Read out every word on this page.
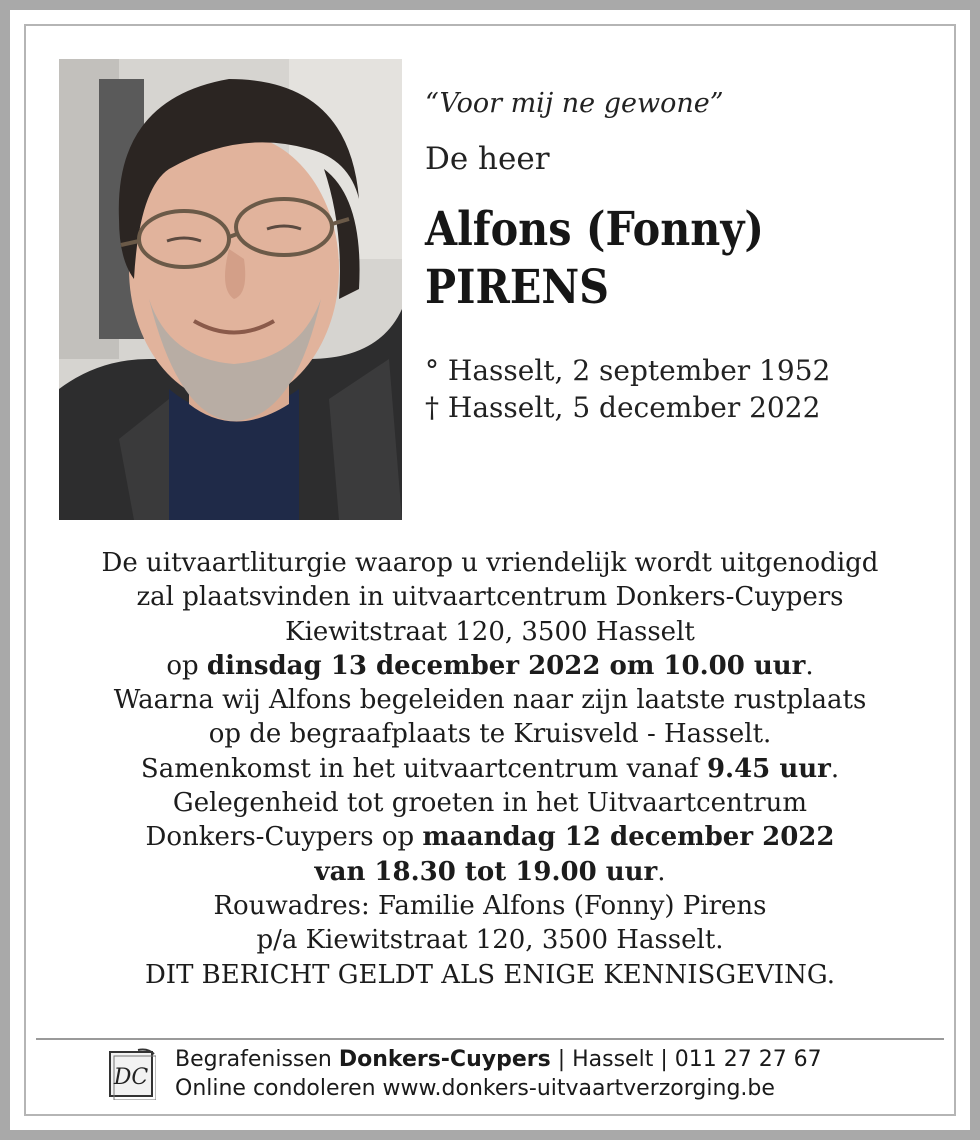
“Voor mij ne gewone”

De heer

Alfons (Fonny)
PIRENS
° Hasselt, 2 september 1952
† Hasselt, 5 december 2022
De uitvaartliturgie waarop u vriendelijk wordt uitgenodigd
zal plaatsvinden in uitvaartcentrum Donkers-Cuypers
Kiewitstraat 120, 3500 Hasselt
op dinsdag 13 december 2022 om 10.00 uur.
Waarna wij Alfons begeleiden naar zijn laatste rustplaats
op de begraafplaats te Kruisveld - Hasselt.
Samenkomst in het uitvaartcentrum vanaf 9.45 uur.
Gelegenheid tot groeten in het Uitvaartcentrum
Donkers-Cuypers op maandag 12 december 2022
van 18.30 tot 19.00 uur.
Rouwadres: Familie Alfons (Fonny) Pirens
p/a Kiewitstraat 120, 3500 Hasselt.
DIT BERICHT GELDT ALS ENIGE KENNISGEVING.
DC
Begrafenissen Donkers-Cuypers | Hasselt | 011 27 27 67
Online condoleren www.donkers-uitvaartverzorging.be
